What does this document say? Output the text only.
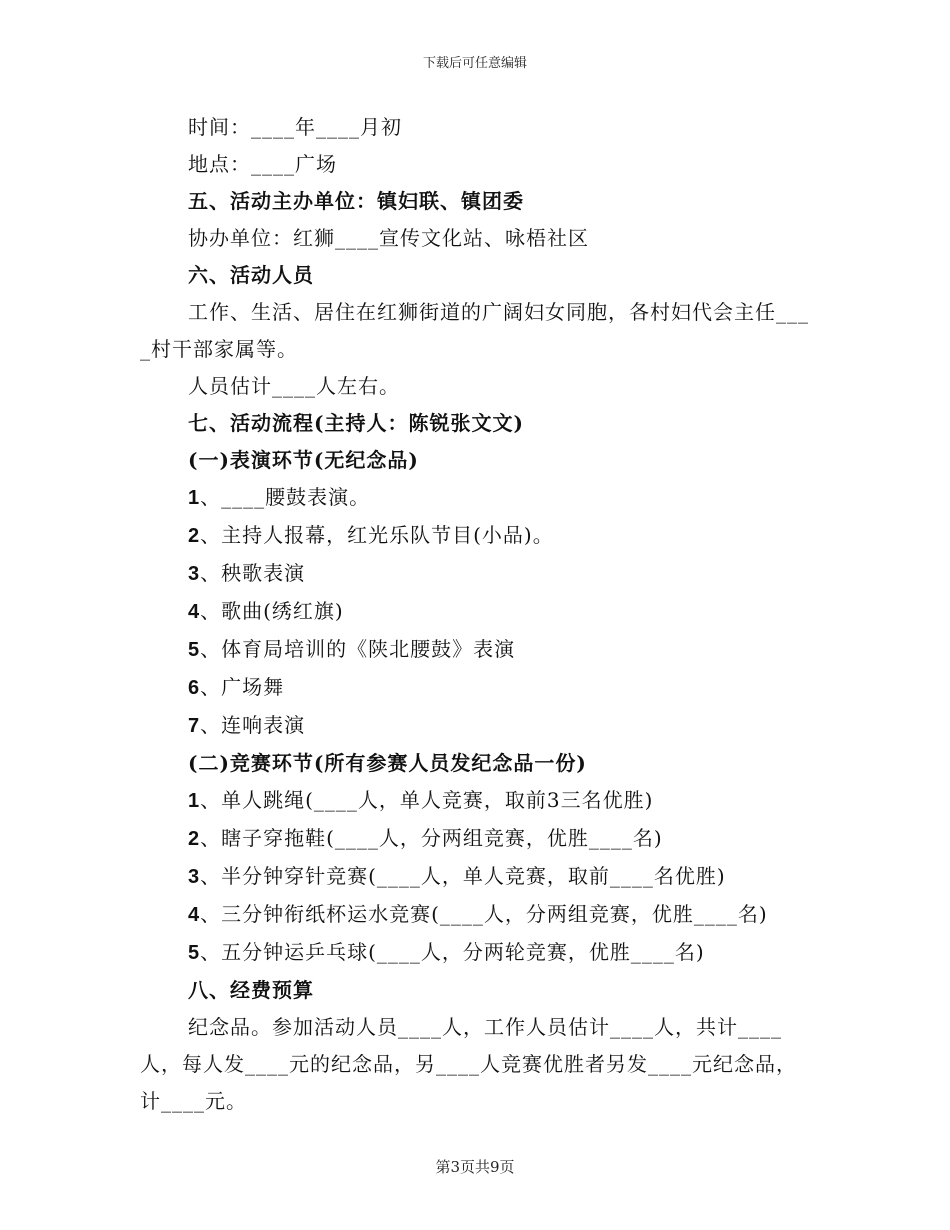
下载后可任意编辑

时间：____年____月初

地点：____广场

五、活动主办单位：镇妇联、镇团委

协办单位：红狮____宣传文化站、咏梧社区

六、活动人员

工作、生活、居住在红狮街道的广阔妇女同胞，各村妇代会主任____村干部家属等。

人员估计____人左右。

七、活动流程(主持人：陈锐张文文)

(一)表演环节(无纪念品)

1、____腰鼓表演。

2、主持人报幕，红光乐队节目(小品)。

3、秧歌表演

4、歌曲(绣红旗)

5、体育局培训的《陕北腰鼓》表演

6、广场舞

7、连响表演

(二)竞赛环节(所有参赛人员发纪念品一份)

1、单人跳绳(____人，单人竞赛，取前3三名优胜)

2、瞎子穿拖鞋(____人，分两组竞赛，优胜____名)

3、半分钟穿针竞赛(____人，单人竞赛，取前____名优胜)

4、三分钟衔纸杯运水竞赛(____人，分两组竞赛，优胜____名)

5、五分钟运乒乓球(____人，分两轮竞赛，优胜____名)

八、经费预算

纪念品。参加活动人员____人，工作人员估计____人，共计____人，每人发____元的纪念品，另____人竞赛优胜者另发____元纪念品，计____元。

第3页共9页
